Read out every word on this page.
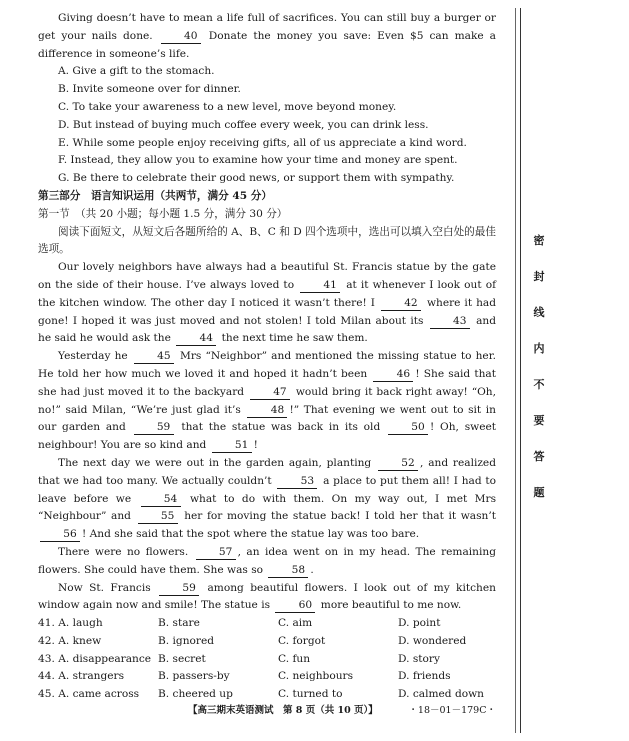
Giving doesn’t have to mean a life full of sacrifices. You can still buy a burger or get your nails done.	40 Donate the money you save: Even $5 can make a difference in someone’s life.

A. Give a gift to the stomach.

B. Invite someone over for dinner.

C. To take your awareness to a new level, move beyond money.

D. But instead of buying much coffee every week, you can drink less.

E. While some people enjoy receiving gifts, all of us appreciate a kind word.

F. Instead, they allow you to examine how your time and money are spent.

G. Be there to celebrate their good news, or support them with sympathy.

第三部分　语言知识运用（共两节，满分 45 分）

第一节　（共 20 小题；每小题 1.5 分，满分 30 分）

阅读下面短文，从短文后各题所给的 A、B、C 和 D 四个选项中，选出可以填入空白处的最佳选项。

Our lovely neighbors have always had a beautiful St. Francis statue by the gate on the side of their house. I’ve always loved to	41 at it whenever I look out of the kitchen window. The other day I noticed it wasn’t there! I	42 where it had gone! I hoped it was just moved and not stolen! I told Milan about its	43 and he said he would ask the	44 the next time he saw them.

Yesterday he	45 Mrs “Neighbor” and mentioned the missing statue to her. He told her how much we loved it and hoped it hadn’t been	46 ! She said that she had just moved it to the backyard	47 would bring it back right away! “Oh, no!” said Milan, “We’re just glad it’s	48 !” That evening we went out to sit in our garden and	59 that the statue was back in its old	50 ! Oh, sweet neighbour! You are so kind and	51 !

The next day we were out in the garden again, planting	52 , and realized that we had too many. We actually couldn’t	53 a place to put them all! I had to leave before we	54 what to do with them. On my way out, I met Mrs “Neighbour” and	55 her for moving the statue back! I told her that it wasn’t 56 ! And she said that the spot where the statue lay was too bare.

There were no flowers.	57 , an idea went on in my head. The remaining flowers. She could have them. She was so	58 .

Now St. Francis	59 among beautiful flowers. I look out of my kitchen window again now and smile! The statue is	60 more beautiful to me now.

41. A. laugh	B. stare	C. aim	D. point
42. A. knew	B. ignored	C. forgot	D. wondered
43. A. disappearance B. secret	C. fun	D. story
44. A. strangers	B. passers-by	C. neighbours	D. friends
45. A. came across	B. cheered up	C. turned to	D. calmed down
【高三期末英语测试　第 8 页（共 10 页）】	・18－01－179C・
密
封
线
内
不
要
答
题
